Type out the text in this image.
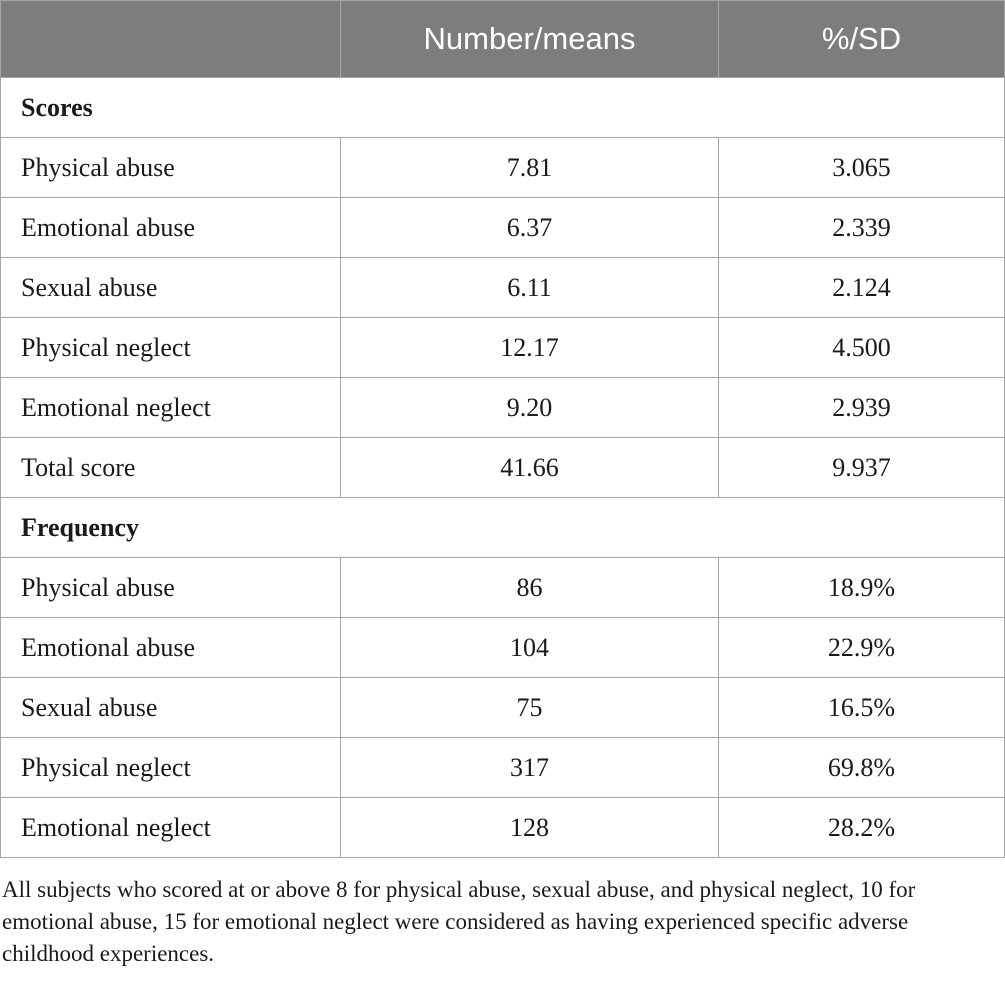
	Number/means	%/SD
Scores		
Physical abuse	7.81	3.065
Emotional abuse	6.37	2.339
Sexual abuse	6.11	2.124
Physical neglect	12.17	4.500
Emotional neglect	9.20	2.939
Total score	41.66	9.937
Frequency		
Physical abuse	86	18.9%
Emotional abuse	104	22.9%
Sexual abuse	75	16.5%
Physical neglect	317	69.8%
Emotional neglect	128	28.2%

All subjects who scored at or above 8 for physical abuse, sexual abuse, and physical neglect, 10 for emotional abuse, 15 for emotional neglect were considered as having experienced specific adverse childhood experiences.
